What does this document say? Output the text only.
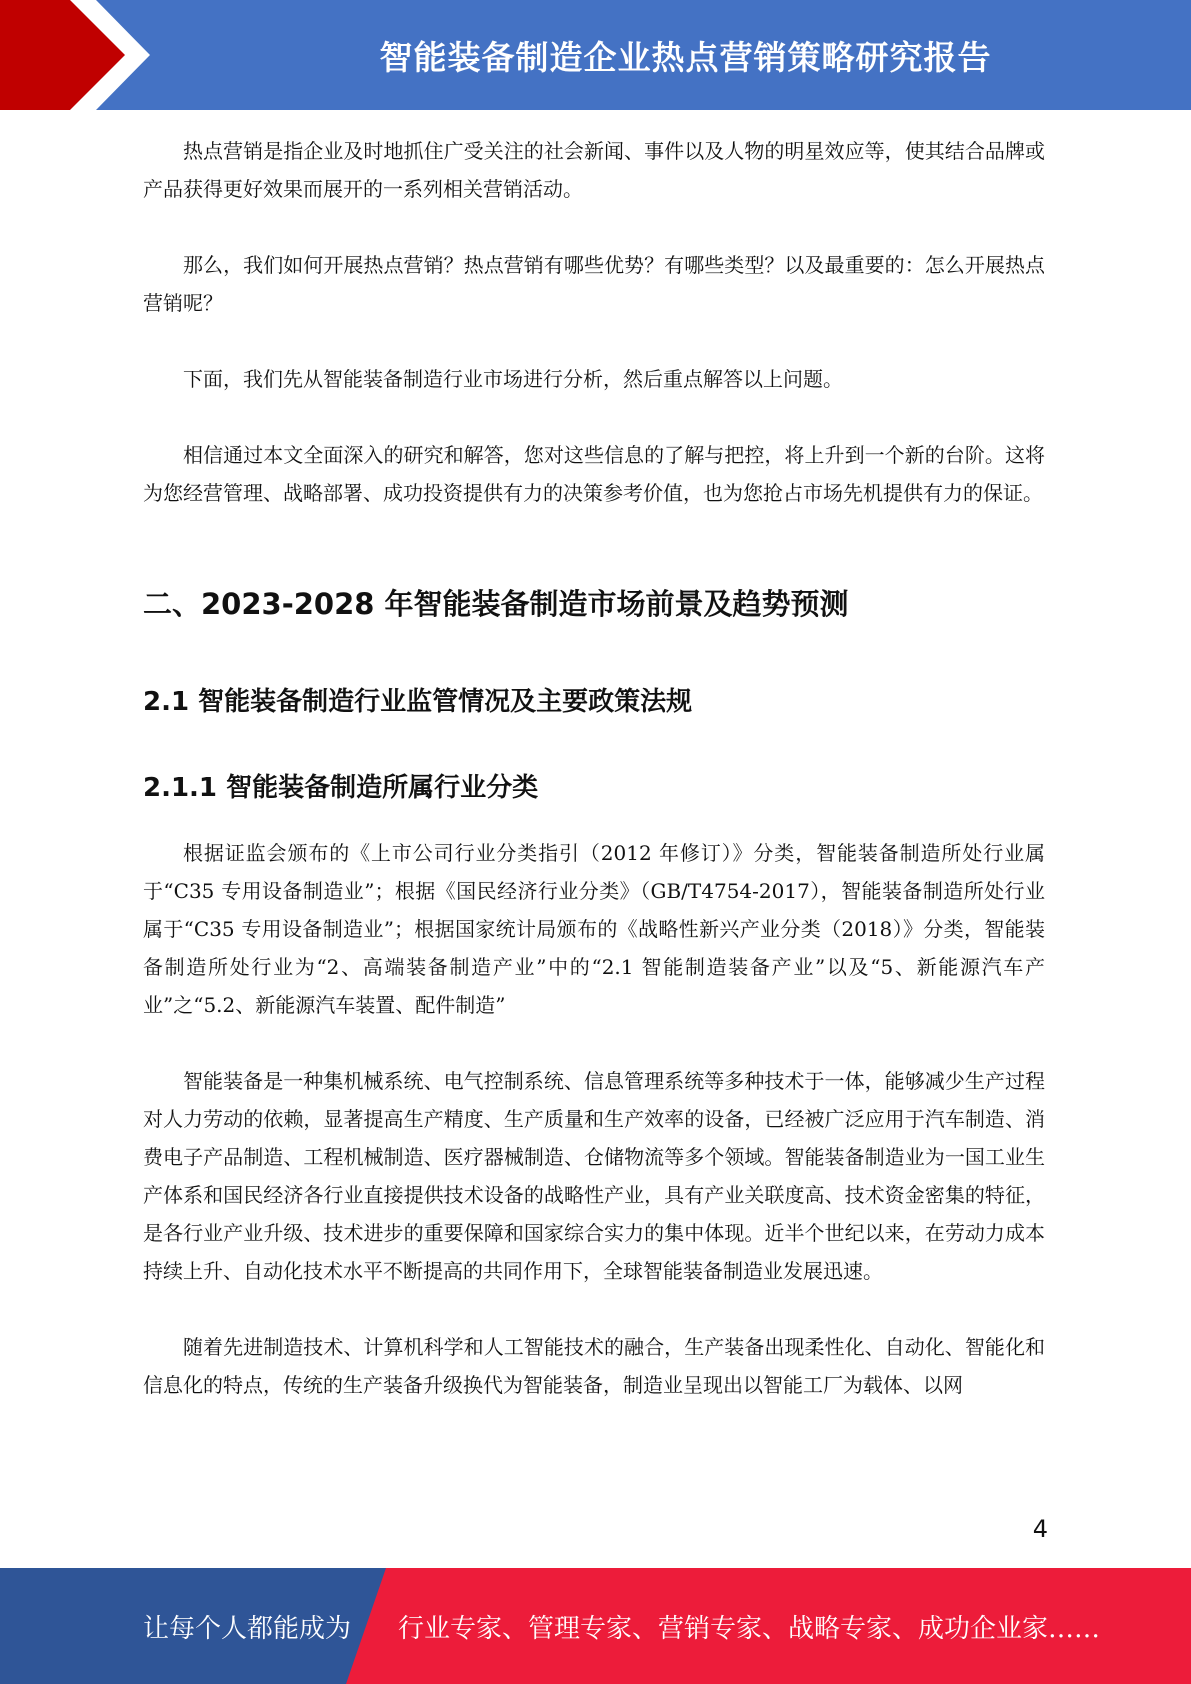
智能装备制造企业热点营销策略研究报告

热点营销是指企业及时地抓住广受关注的社会新闻、事件以及人物的明星效应等，使其结合品牌或产品获得更好效果而展开的一系列相关营销活动。

那么，我们如何开展热点营销？热点营销有哪些优势？有哪些类型？以及最重要的：怎么开展热点营销呢？

下面，我们先从智能装备制造行业市场进行分析，然后重点解答以上问题。

相信通过本文全面深入的研究和解答，您对这些信息的了解与把控，将上升到一个新的台阶。这将为您经营管理、战略部署、成功投资提供有力的决策参考价值，也为您抢占市场先机提供有力的保证。

二、2023-2028 年智能装备制造市场前景及趋势预测
2.1 智能装备制造行业监管情况及主要政策法规
2.1.1 智能装备制造所属行业分类

根据证监会颁布的《上市公司行业分类指引（2012 年修订）》分类，智能装备制造所处行业属于“C35 专用设备制造业”；根据《国民经济行业分类》（GB/T4754-2017），智能装备制造所处行业属于“C35 专用设备制造业”；根据国家统计局颁布的《战略性新兴产业分类（2018）》分类，智能装备制造所处行业为“2、高端装备制造产业”中的“2.1 智能制造装备产业”以及“5、新能源汽车产业”之“5.2、新能源汽车装置、配件制造”

智能装备是一种集机械系统、电气控制系统、信息管理系统等多种技术于一体，能够减少生产过程对人力劳动的依赖，显著提高生产精度、生产质量和生产效率的设备，已经被广泛应用于汽车制造、消费电子产品制造、工程机械制造、医疗器械制造、仓储物流等多个领域。智能装备制造业为一国工业生产体系和国民经济各行业直接提供技术设备的战略性产业，具有产业关联度高、技术资金密集的特征，是各行业产业升级、技术进步的重要保障和国家综合实力的集中体现。近半个世纪以来，在劳动力成本持续上升、自动化技术水平不断提高的共同作用下，全球智能装备制造业发展迅速。

随着先进制造技术、计算机科学和人工智能技术的融合，生产装备出现柔性化、自动化、智能化和信息化的特点，传统的生产装备升级换代为智能装备，制造业呈现出以智能工厂为载体、以网

4
让每个人都能成为 行业专家、管理专家、营销专家、战略专家、成功企业家……
